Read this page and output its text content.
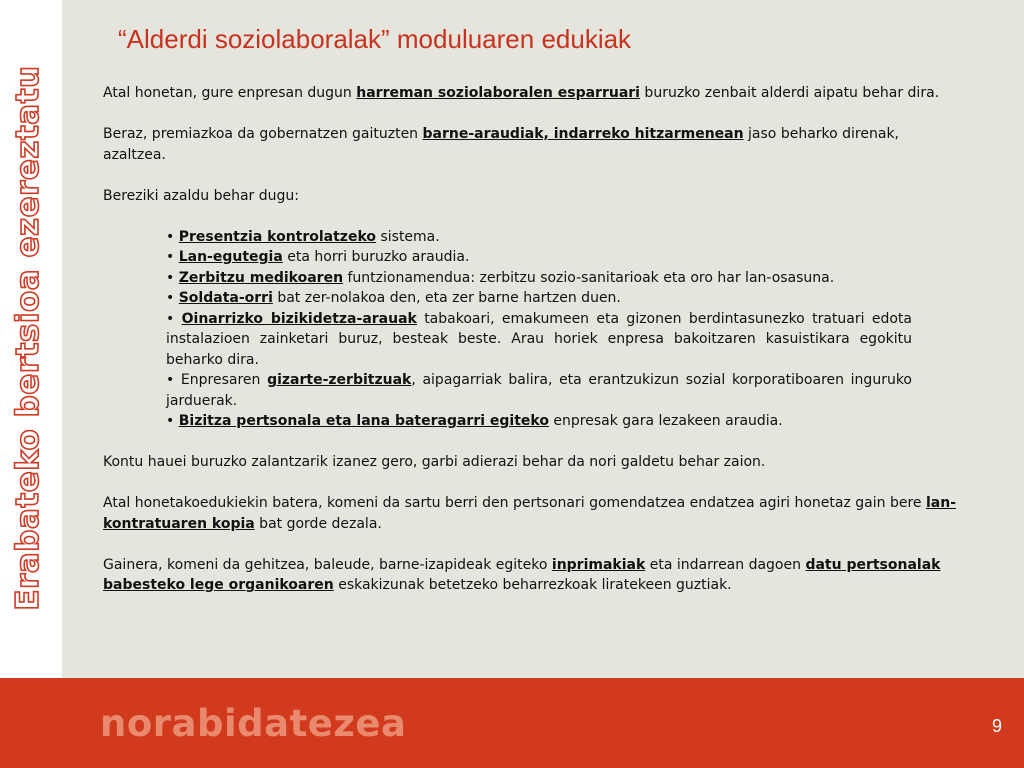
Erabateko bertsioa ezereztatu
“Alderdi soziolaboralak” moduluaren edukiak

Atal honetan, gure enpresan dugun harreman soziolaboralen esparruari buruzko zenbait alderdi aipatu behar dira.

Beraz, premiazkoa da gobernatzen gaituzten barne-araudiak, indarreko hitzarmenean jaso beharko direnak, azaltzea.

Bereziki azaldu behar dugu:

• Presentzia kontrolatzeko sistema.
• Lan-egutegia eta horri buruzko araudia.
• Zerbitzu medikoaren funtzionamendua: zerbitzu sozio-sanitarioak eta oro har lan-osasuna.
• Soldata-orri bat zer-nolakoa den, eta zer barne hartzen duen.
• Oinarrizko bizikidetza-arauak tabakoari, emakumeen eta gizonen berdintasunezko tratuari edota instalazioen zainketari buruz, besteak beste. Arau horiek enpresa bakoitzaren kasuistikara egokitu beharko dira.
• Enpresaren gizarte-zerbitzuak, aipagarriak balira, eta erantzukizun sozial korporatiboaren inguruko jarduerak.
• Bizitza pertsonala eta lana bateragarri egiteko enpresak gara lezakeen araudia.

Kontu hauei buruzko zalantzarik izanez gero, garbi adierazi behar da nori galdetu behar zaion.

Atal honetakoedukiekin batera, komeni da sartu berri den pertsonari gomendatzea endatzea agiri honetaz gain bere lan-kontratuaren kopia bat gorde dezala.

Gainera, komeni da gehitzea, baleude, barne-izapideak egiteko inprimakiak eta indarrean dagoen datu pertsonalak babesteko lege organikoaren eskakizunak betetzeko beharrezkoak liratekeen guztiak.

norabidatezea	9
